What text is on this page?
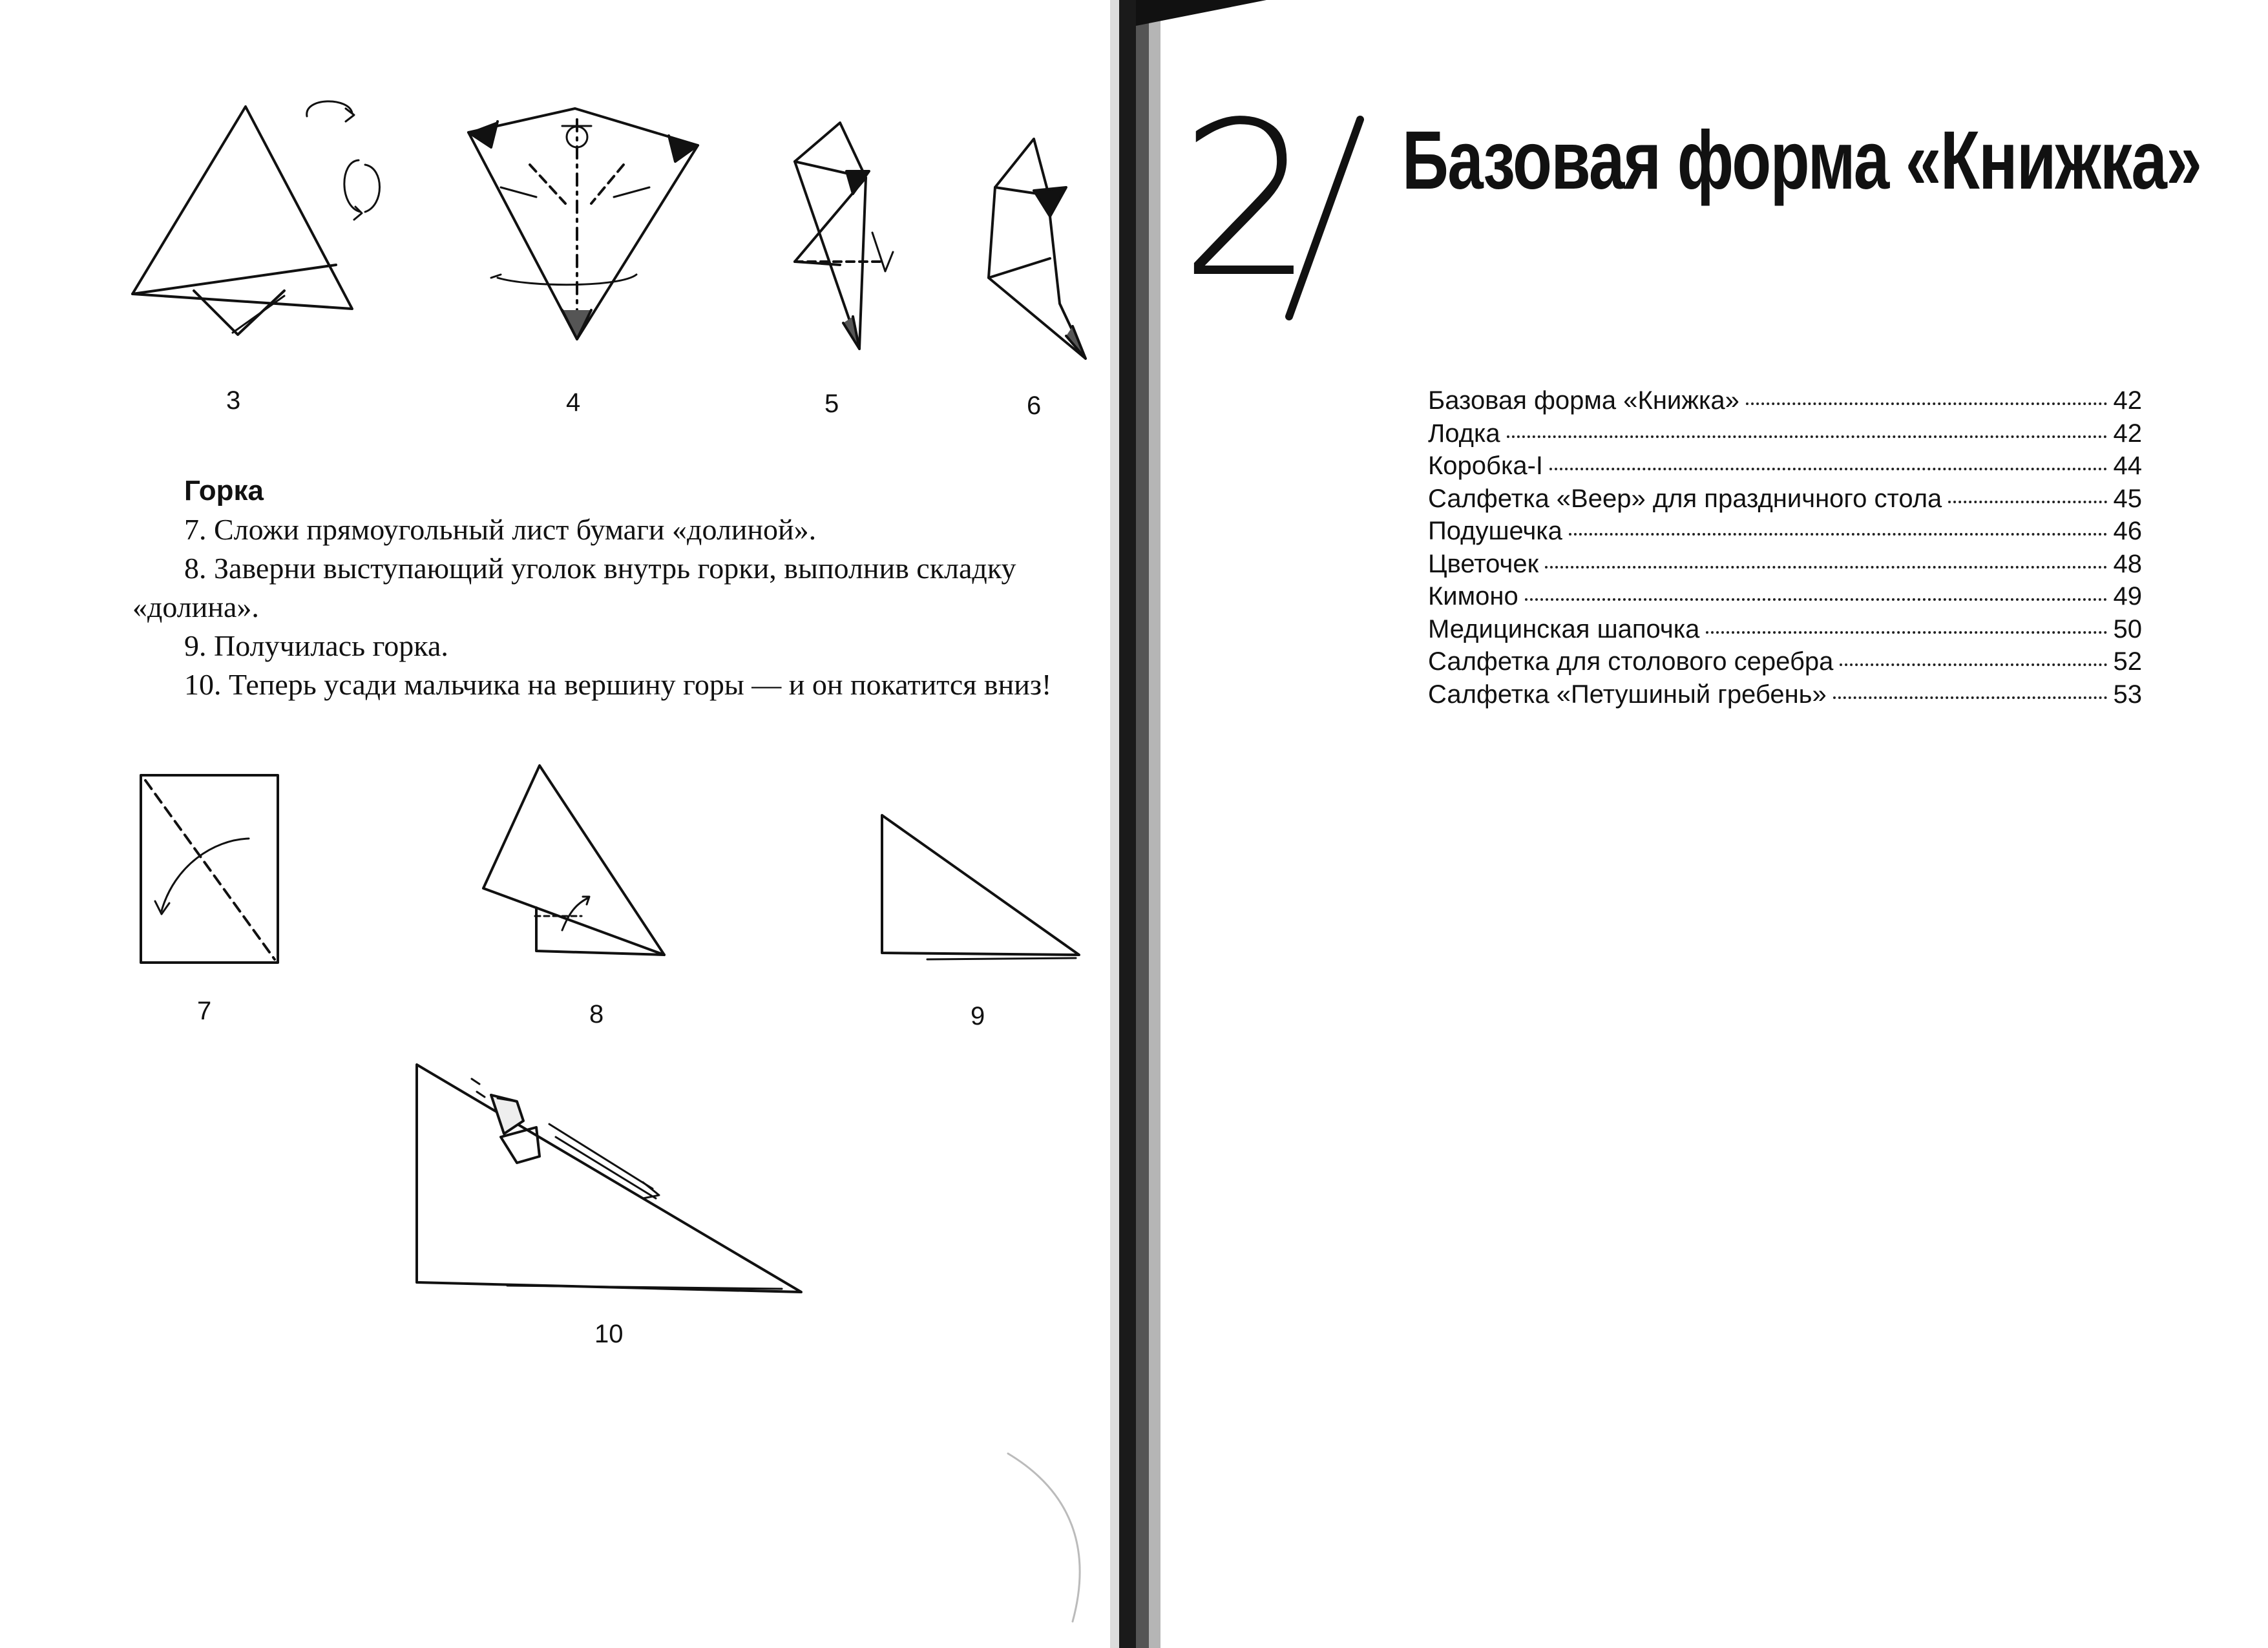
3	4	5	6
Горка

7. Сложи прямоугольный лист бумаги «долиной».

8. Заверни выступающий уголок внутрь горки, выполнив складку «долина».

9. Получилась горка.

10. Теперь усади мальчика на вершину горы — и он покатится вниз!

7	8	9
10
2 Базовая форма «Книжка»
Базовая форма «Книжка»	42
Лодка	42
Коробка-I	44
Салфетка «Веер» для праздничного стола	45
Подушечка	46
Цветочек	48
Кимоно	49
Медицинская шапочка	50
Салфетка для столового серебра	52
Салфетка «Петушиный гребень»	53
